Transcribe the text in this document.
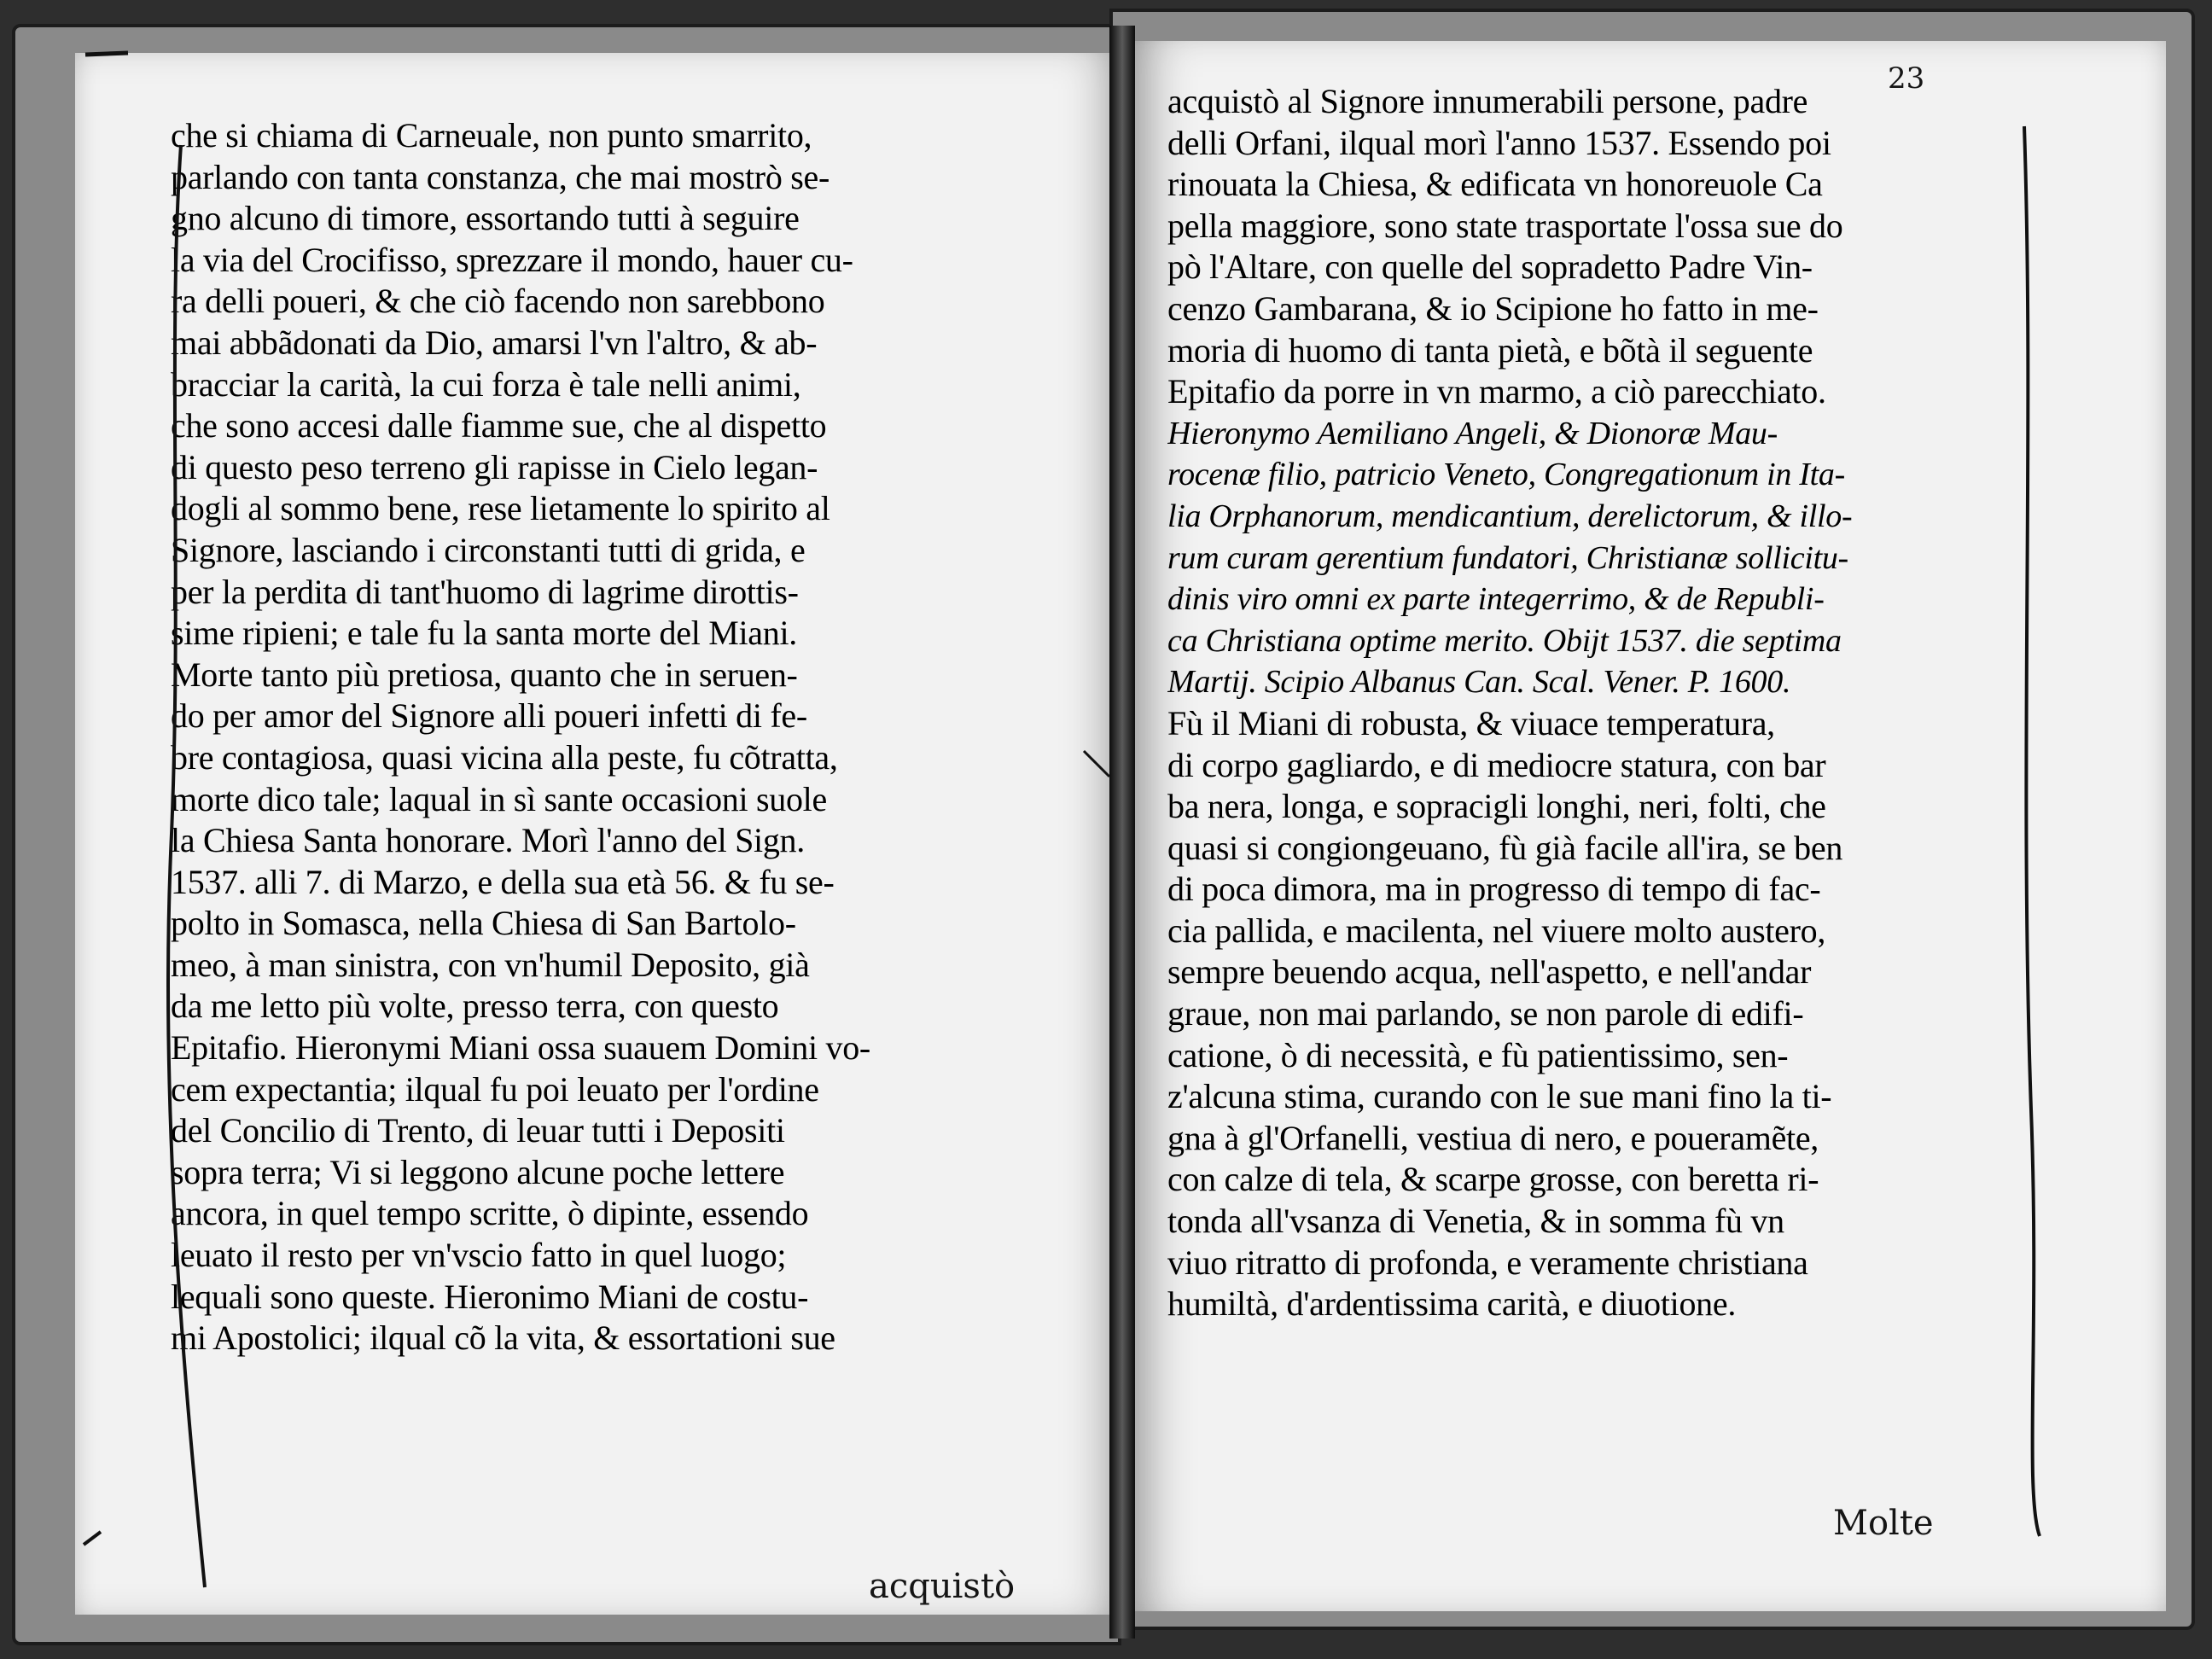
che si chiama di Carneuale, non punto smarrito,
parlando con tanta constanza, che mai mostrò se-
gno alcuno di timore, essortando tutti à seguire
la via del Crocifisso, sprezzare il mondo, hauer cu-
ra delli poueri, & che ciò facendo non sarebbono
mai abbãdonati da Dio, amarsi l'vn l'altro, & ab-
bracciar la carità, la cui forza è tale nelli animi,
che sono accesi dalle fiamme sue, che al dispetto
di questo peso terreno gli rapisse in Cielo legan-
dogli al sommo bene, rese lietamente lo spirito al
Signore, lasciando i circonstanti tutti di grida, e
per la perdita di tant'huomo di lagrime dirottis-
sime ripieni; e tale fu la santa morte del Miani.
Morte tanto più pretiosa, quanto che in seruen-
do per amor del Signore alli poueri infetti di fe-
bre contagiosa, quasi vicina alla peste, fu cõtratta,
morte dico tale; laqual in sì sante occasioni suole
la Chiesa Santa honorare. Morì l'anno del Sign.
1537. alli 7. di Marzo, e della sua età 56. & fu se-
polto in Somasca, nella Chiesa di San Bartolo-
meo, à man sinistra, con vn'humil Deposito, già
da me letto più volte, presso terra, con questo
Epitafio. Hieronymi Miani ossa suauem Domini vo-
cem expectantia; ilqual fu poi leuato per l'ordine
del Concilio di Trento, di leuar tutti i Depositi
sopra terra; Vi si leggono alcune poche lettere
ancora, in quel tempo scritte, ò dipinte, essendo
leuato il resto per vn'vscio fatto in quel luogo;
lequali sono queste. Hieronimo Miani de costu-
mi Apostolici; ilqual cõ la vita, & essortationi sue
acquistò al Signore innumerabili persone, padre
delli Orfani, ilqual morì l'anno 1537. Essendo poi
rinouata la Chiesa, & edificata vn honoreuole Ca
pella maggiore, sono state trasportate l'ossa sue do
pò l'Altare, con quelle del sopradetto Padre Vin-
cenzo Gambarana, & io Scipione ho fatto in me-
moria di huomo di tanta pietà, e bõtà il seguente
Epitafio da porre in vn marmo, a ciò parecchiato.
Hieronymo Aemiliano Angeli, & Dionoræ Mau-
rocenæ filio, patricio Veneto, Congregationum in Ita-
lia Orphanorum, mendicantium, derelictorum, & illo-
rum curam gerentium fundatori, Christianæ sollicitu-
dinis viro omni ex parte integerrimo, & de Republi-
ca Christiana optime merito. Obijt 1537. die septima
Martij. Scipio Albanus Can. Scal. Vener. P. 1600.
Fù il Miani di robusta, & viuace temperatura,
di corpo gagliardo, e di mediocre statura, con bar
ba nera, longa, e sopracigli longhi, neri, folti, che
quasi si congiongeuano, fù già facile all'ira, se ben
di poca dimora, ma in progresso di tempo di fac-
cia pallida, e macilenta, nel viuere molto austero,
sempre beuendo acqua, nell'aspetto, e nell'andar
graue, non mai parlando, se non parole di edifi-
catione, ò di necessità, e fù patientissimo, sen-
z'alcuna stima, curando con le sue mani fino la ti-
gna à gl'Orfanelli, vestiua di nero, e poueramẽte,
con calze di tela, & scarpe grosse, con beretta ri-
tonda all'vsanza di Venetia, & in somma fù vn
viuo ritratto di profonda, e veramente christiana
humiltà, d'ardentissima carità, e diuotione.
23
acquistò
Molte
